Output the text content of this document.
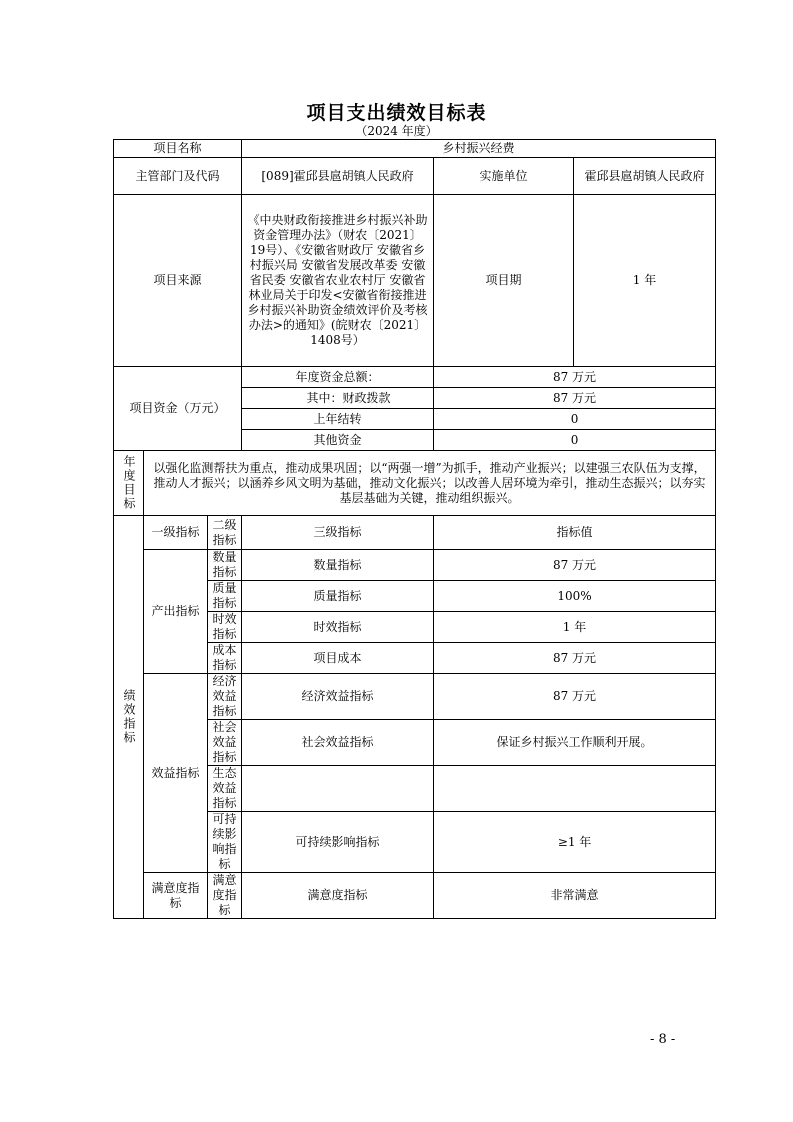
项目支出绩效目标表
（2024 年度）
项目名称			乡村振兴经费		
主管部门及代码			[089]霍邱县扈胡镇人民政府	实施单位	霍邱县扈胡镇人民政府
项目来源			《中央财政衔接推进乡村振兴补助资金管理办法》（财农〔2021〕19号）、《安徽省财政厅 安徽省乡村振兴局 安徽省发展改革委 安徽省民委 安徽省农业农村厅 安徽省林业局关于印发<安徽省衔接推进乡村振兴补助资金绩效评价及考核办法>的通知》(皖财农〔2021〕1408号）	项目期	1 年
项目资金（万元）			年度资金总额：	87 万元	
			其中：财政拨款	87 万元	
			上年结转	0	
			其他资金	0	
年度目标	以强化监测帮扶为重点，推动成果巩固；以“两强一增”为抓手，推动产业振兴；以建强三农队伍为支撑，推动人才振兴；以涵养乡风文明为基础，推动文化振兴；以改善人居环境为牵引，推动生态振兴；以夯实基层基础为关键，推动组织振兴。				
绩效指标	一级指标	二级指标	三级指标	指标值	
	产出指标	数量指标	数量指标	87 万元	
		质量指标	质量指标	100%	
		时效指标	时效指标	1 年	
		成本指标	项目成本	87 万元	
	效益指标	经济效益指标	经济效益指标	87 万元	
		社会效益指标	社会效益指标	保证乡村振兴工作顺利开展。	
		生态效益指标			
		可持续影响指标	可持续影响指标	≥1 年	
	满意度指标	满意度指标	满意度指标	非常满意	
- 8 -
